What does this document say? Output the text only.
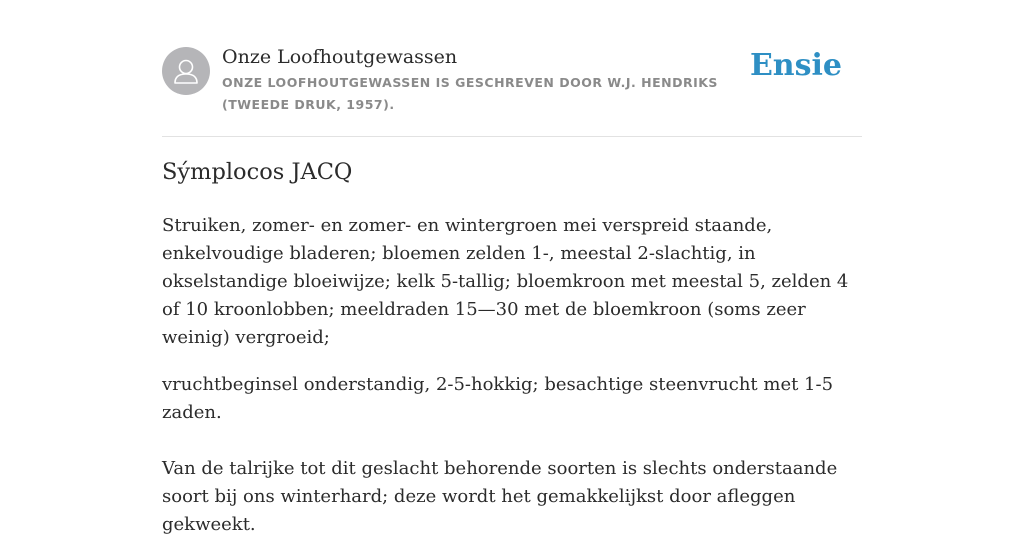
Onze Loofhoutgewassen
ONZE LOOFHOUTGEWASSEN IS GESCHREVEN DOOR W.J. HENDRIKS (TWEEDE DRUK, 1957).
Ensie
Sýmplocos JACQ

Struiken, zomer- en zomer- en wintergroen mei verspreid staande, enkelvoudige bladeren; bloemen zelden 1-, meestal 2-slachtig, in okselstandige bloeiwijze; kelk 5-tallig; bloemkroon met meestal 5, zelden 4 of 10 kroonlobben; meeldraden 15—30 met de bloemkroon (soms zeer weinig) vergroeid;

vruchtbeginsel onderstandig, 2-5-hokkig; besachtige steenvrucht met 1-5 zaden.

Van de talrijke tot dit geslacht behorende soorten is slechts onderstaande soort bij ons winterhard; deze wordt het gemakkelijkst door afleggen gekweekt.
